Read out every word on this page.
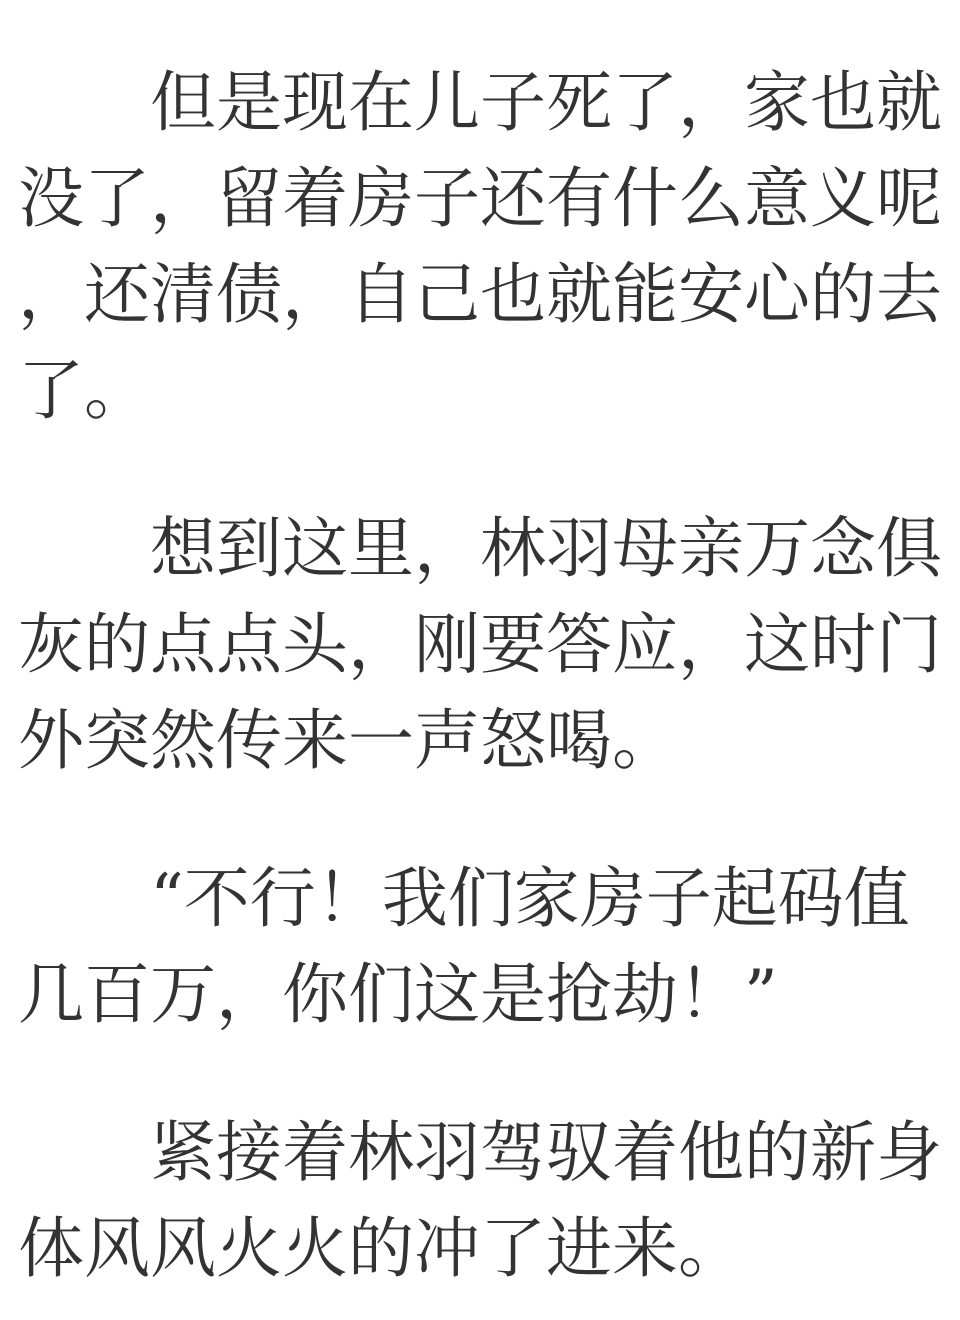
但是现在儿子死了，家也就没了，留着房子还有什么意义呢，还清债，自己也就能安心的去了。

想到这里，林羽母亲万念俱灰的点点头，刚要答应，这时门外突然传来一声怒喝。

“不行！我们家房子起码值几百万，你们这是抢劫！”

紧接着林羽驾驭着他的新身体风风火火的冲了进来。
